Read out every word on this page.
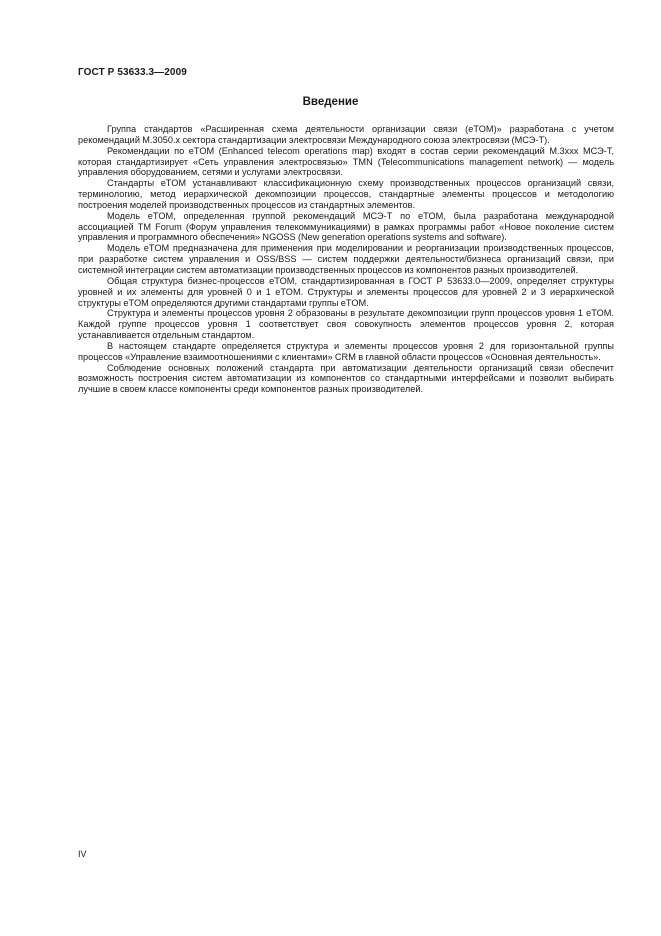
ГОСТ Р 53633.3—2009
Введение

Группа стандартов «Расширенная схема деятельности организации связи (eTOM)» разработана с учетом рекомендаций М.3050.х сектора стандартизации электросвязи Международного союза электросвязи (МСЭ-Т).

Рекомендации по eTOM (Enhanced telecom operations map) входят в состав серии рекомендаций М.3ххх МСЭ-Т, которая стандартизирует «Сеть управления электросвязью» TMN (Telecommunications management network) — модель управления оборудованием, сетями и услугами электросвязи.

Стандарты eTOM устанавливают классификационную схему производственных процессов организаций связи, терминологию, метод иерархической декомпозиции процессов, стандартные элементы процессов и методологию построения моделей производственных процессов из стандартных элементов.

Модель eTOM, определенная группой рекомендаций МСЭ-Т по eTOM, была разработана международной ассоциацией TM Forum (Форум управления телекоммуникациями) в рамках программы работ «Новое поколение систем управления и программного обеспечения» NGOSS (New generation operations systems and software).

Модель eTOM предназначена для применения при моделировании и реорганизации производственных процессов, при разработке систем управления и OSS/BSS — систем поддержки деятельности/бизнеса организаций связи, при системной интеграции систем автоматизации производственных процессов из компонентов разных производителей.

Общая структура бизнес-процессов eTOM, стандартизированная в ГОСТ Р 53633.0—2009, определяет структуры уровней и их элементы для уровней 0 и 1 eTOM. Структуры и элементы процессов для уровней 2 и 3 иерархической структуры eTOM определяются другими стандартами группы eTOM.

Структура и элементы процессов уровня 2 образованы в результате декомпозиции групп процессов уровня 1 eTOM. Каждой группе процессов уровня 1 соответствует своя совокупность элементов процессов уровня 2, которая устанавливается отдельным стандартом.

В настоящем стандарте определяется структура и элементы процессов уровня 2 для горизонтальной группы процессов «Управление взаимоотношениями с клиентами» CRM в главной области процессов «Основная деятельность».

Соблюдение основных положений стандарта при автоматизации деятельности организаций связи обеспечит возможность построения систем автоматизации из компонентов со стандартными интерфейсами и позволит выбирать лучшие в своем классе компоненты среди компонентов разных производителей.

IV
